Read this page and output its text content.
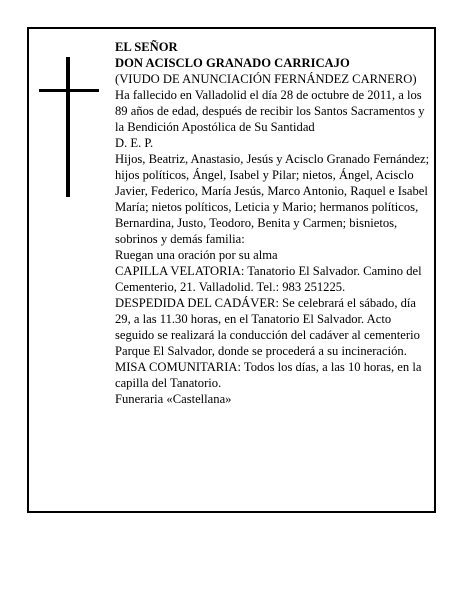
EL SEÑOR

DON ACISCLO GRANADO CARRICAJO

(VIUDO DE ANUNCIACIÓN FERNÁNDEZ CARNERO)

Ha fallecido en Valladolid el día 28 de octubre de 2011, a los 89 años de edad, después de recibir los Santos Sacramentos y la Bendición Apostólica de Su Santidad

D. E. P.

Hijos, Beatriz, Anastasio, Jesús y Acisclo Granado Fernández; hijos políticos, Ángel, Isabel y Pilar; nietos, Ángel, Acisclo Javier, Federico, María Jesús, Marco Antonio, Raquel e Isabel María; nietos políticos, Leticia y Mario; hermanos políticos, Bernardina, Justo, Teodoro, Benita y Carmen; bisnietos, sobrinos y demás familia:

Ruegan una oración por su alma

CAPILLA VELATORIA: Tanatorio El Salvador. Camino del Cementerio, 21. Valladolid. Tel.: 983 251225.

DESPEDIDA DEL CADÁVER: Se celebrará el sábado, día 29, a las 11.30 horas, en el Tanatorio El Salvador. Acto seguido se realizará la conducción del cadáver al cementerio Parque El Salvador, donde se procederá a su incineración.

MISA COMUNITARIA: Todos los días, a las 10 horas, en la capilla del Tanatorio.

Funeraria «Castellana»
